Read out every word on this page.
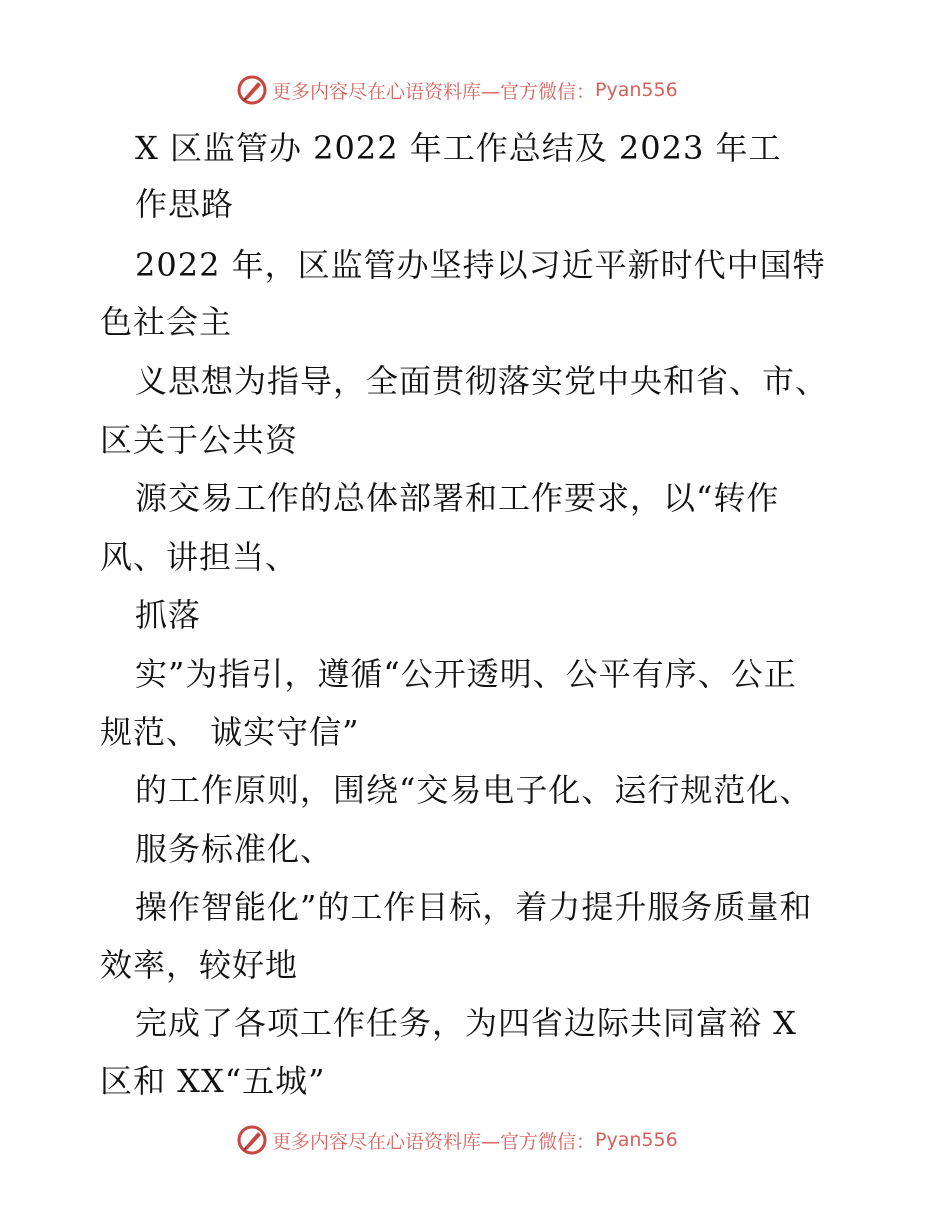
更多内容尽在心语资料库—官方微信： Pyan556
X 区监管办 2022 年工作总结及 2023 年工
作思路
2022 年，区监管办坚持以习近平新时代中国特
色社会主
义思想为指导，全面贯彻落实党中央和省、市、
区关于公共资
源交易工作的总体部署和工作要求，以“转作
风、讲担当、
抓落
实”为指引，遵循“公开透明、公平有序、公正
规范、 诚实守信”
的工作原则，围绕“交易电子化、运行规范化、
服务标准化、
操作智能化”的工作目标，着力提升服务质量和
效率，较好地
完成了各项工作任务，为四省边际共同富裕 X
区和 XX“五城”
更多内容尽在心语资料库—官方微信： Pyan556
